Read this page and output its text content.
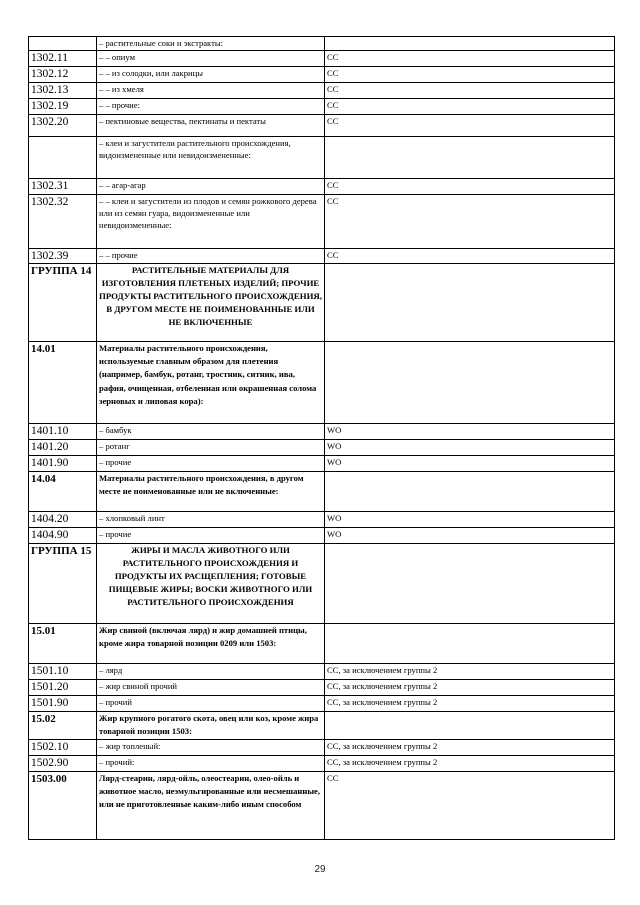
	– растительные соки и экстракты:	
1302.11	– – опиум	СС
1302.12	– – из солодки, или лакрицы	СС
1302.13	– – из хмеля	СС
1302.19	– – прочие:	СС
1302.20	– пектиновые вещества, пектинаты и пектаты	СС
	– клеи и загустители растительного происхождения, видоизмененные или невидоизмененные:	
1302.31	– – агар-агар	СС
1302.32	– – клеи и загустители из плодов и семян рожкового дерева или из семян гуара, видоизмененные или невидоизмененные:	СС
1302.39	– – прочие	СС
ГРУППА 14	РАСТИТЕЛЬНЫЕ МАТЕРИАЛЫ ДЛЯ ИЗГОТОВЛЕНИЯ ПЛЕТЕНЫХ ИЗДЕЛИЙ; ПРОЧИЕ ПРОДУКТЫ РАСТИТЕЛЬНОГО ПРОИСХОЖДЕНИЯ, В ДРУГОМ МЕСТЕ НЕ ПОИМЕНОВАННЫЕ ИЛИ НЕ ВКЛЮЧЕННЫЕ	
14.01	Материалы растительного происхождения, используемые главным образом для плетения (например, бамбук, ротанг, тростник, ситник, ива, рафия, очищенная, отбеленная или окрашенная солома зерновых и липовая кора):	
1401.10	– бамбук	WO
1401.20	– ротанг	WO
1401.90	– прочие	WO
14.04	Материалы растительного происхождения, в другом месте не поименованные или не включенные:	
1404.20	– хлопковый линт	WO
1404.90	– прочие	WO
ГРУППА 15	ЖИРЫ И МАСЛА ЖИВОТНОГО ИЛИ РАСТИТЕЛЬНОГО ПРОИСХОЖДЕНИЯ И ПРОДУКТЫ ИХ РАСЩЕПЛЕНИЯ; ГОТОВЫЕ ПИЩЕВЫЕ ЖИРЫ; ВОСКИ ЖИВОТНОГО ИЛИ РАСТИТЕЛЬНОГО ПРОИСХОЖДЕНИЯ	
15.01	Жир свиной (включая лярд) и жир домашней птицы, кроме жира товарной позиции 0209 или 1503:	
1501.10	– лярд	СС, за исключением группы 2
1501.20	– жир свиной прочий	СС, за исключением группы 2
1501.90	– прочий	СС, за исключением группы 2
15.02	Жир крупного рогатого скота, овец или коз, кроме жира товарной позиции 1503:	
1502.10	– жир топленый:	СС, за исключением группы 2
1502.90	– прочий:	СС, за исключением группы 2
1503.00	Лярд-стеарин, лярд-ойль, олеостеарин, олео-ойль и животное масло, неэмульгированные или несмешанные, или не приготовленные каким-либо иным способом	СС
29
